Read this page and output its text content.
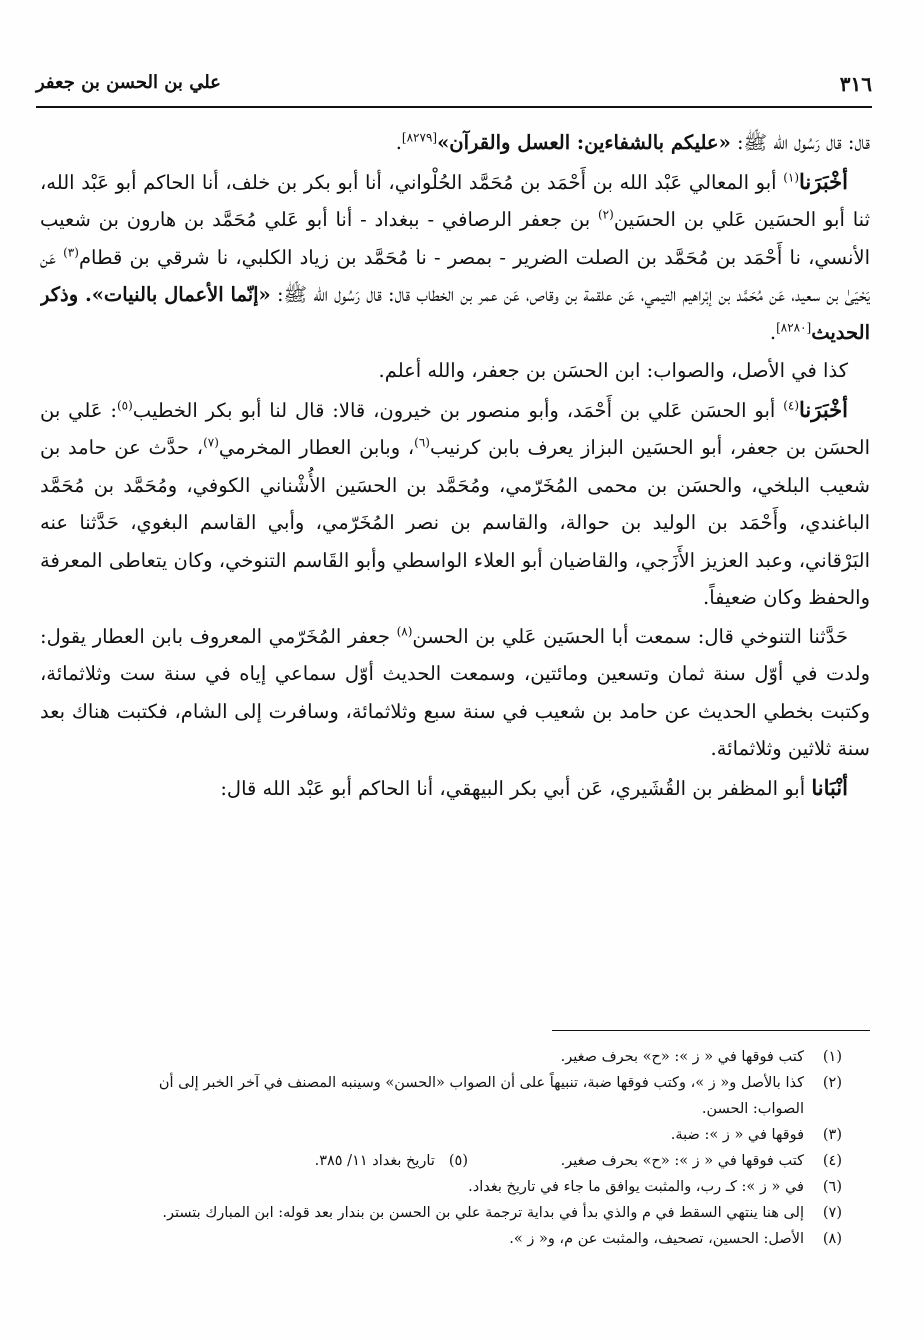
علي بن الحسن بن جعفر	٣١٦

قال: قال رَسُول الله ﷺ: «عليكم بالشفاءين: العسل والقرآن»[٨٢٧٩].

أخْبَرَنا$^{(١)}$ أبو المعالي عَبْد الله بن أَحْمَد بن مُحَمَّد الحُلْواني، أنا أبو بكر بن خلف، أنا الحاكم أبو عَبْد الله، ثنا أبو الحسَين عَلي بن الحسَين$^{(٢)}$ بن جعفر الرصافي - ببغداد - أنا أبو عَلي مُحَمَّد بن هارون بن شعيب الأنسي، نا أَحْمَد بن مُحَمَّد بن الصلت الضرير - بمصر - نا مُحَمَّد بن زياد الكلبي، نا شرقي بن قطام$^{(٣)}$ عَن يَحْيَىٰ بن سعيد، عَن مُحَمَّد بن إبْراهيم التيمي، عَن علقمة بن وقاص، عَن عمر بن الخطاب قال: قال رَسُول الله ﷺ: «إنّما الأعمال بالنيات». وذكر الحديث[٨٢٨٠].

كذا في الأصل، والصواب: ابن الحسَن بن جعفر، والله أعلم.

أخْبَرَنا$^{(٤)}$ أبو الحسَن عَلي بن أَحْمَد، وأبو منصور بن خيرون، قالا: قال لنا أبو بكر الخطيب$^{(٥)}$: عَلي بن الحسَن بن جعفر، أبو الحسَين البزاز يعرف بابن كرنيب$^{(٦)}$، وبابن العطار المخرمي$^{(٧)}$، حدَّث عن حامد بن شعيب البلخي، والحسَن بن محمى المُخَرّمي، ومُحَمَّد بن الحسَين الأُشْناني الكوفي، ومُحَمَّد بن مُحَمَّد الباغندي، وأَحْمَد بن الوليد بن حوالة، والقاسم بن نصر المُخَرّمي، وأبي القاسم البغوي، حَدَّثنا عنه البَرْقاني، وعبد العزيز الأَزَجي، والقاضيان أبو العلاء الواسطي وأبو القَاسم التنوخي، وكان يتعاطى المعرفة والحفظ وكان ضعيفاً.

حَدَّثنا التنوخي قال: سمعت أبا الحسَين عَلي بن الحسن$^{(٨)}$ جعفر المُخَرّمي المعروف بابن العطار يقول: ولدت في أوّل سنة ثمان وتسعين ومائتين، وسمعت الحديث أوّل سماعي إياه في سنة ست وثلاثمائة، وكتبت بخطي الحديث عن حامد بن شعيب في سنة سبع وثلاثمائة، وسافرت إلى الشام، فكتبت هناك بعد سنة ثلاثين وثلاثمائة.

أنْبَانا أبو المظفر بن القُشَيري، عَن أبي بكر البيهقي، أنا الحاكم أبو عَبْد الله قال:

(١)
كتب فوقها في « ز »: «ح» بحرف صغير.
(٢)
كذا بالأصل و« ز »، وكتب فوقها ضبة، تنبيهاً على أن الصواب «الحسن» وسينبه المصنف في آخر الخبر إلى أن
الصواب: الحسن.
(٣)
فوقها في « ز »: ضبة.
(٤)
كتب فوقها في « ز »: «ح» بحرف صغير.
(٥)
تاريخ بغداد ١١/ ٣٨٥.
(٦)
في « ز »: كـ رب، والمثبت يوافق ما جاء في تاريخ بغداد.
(٧)
إلى هنا ينتهي السقط في م والذي بدأ في بداية ترجمة علي بن الحسن بن بندار بعد قوله: ابن المبارك بتستر.
(٨)
الأصل: الحسين، تصحيف، والمثبت عن م، و« ز ».
